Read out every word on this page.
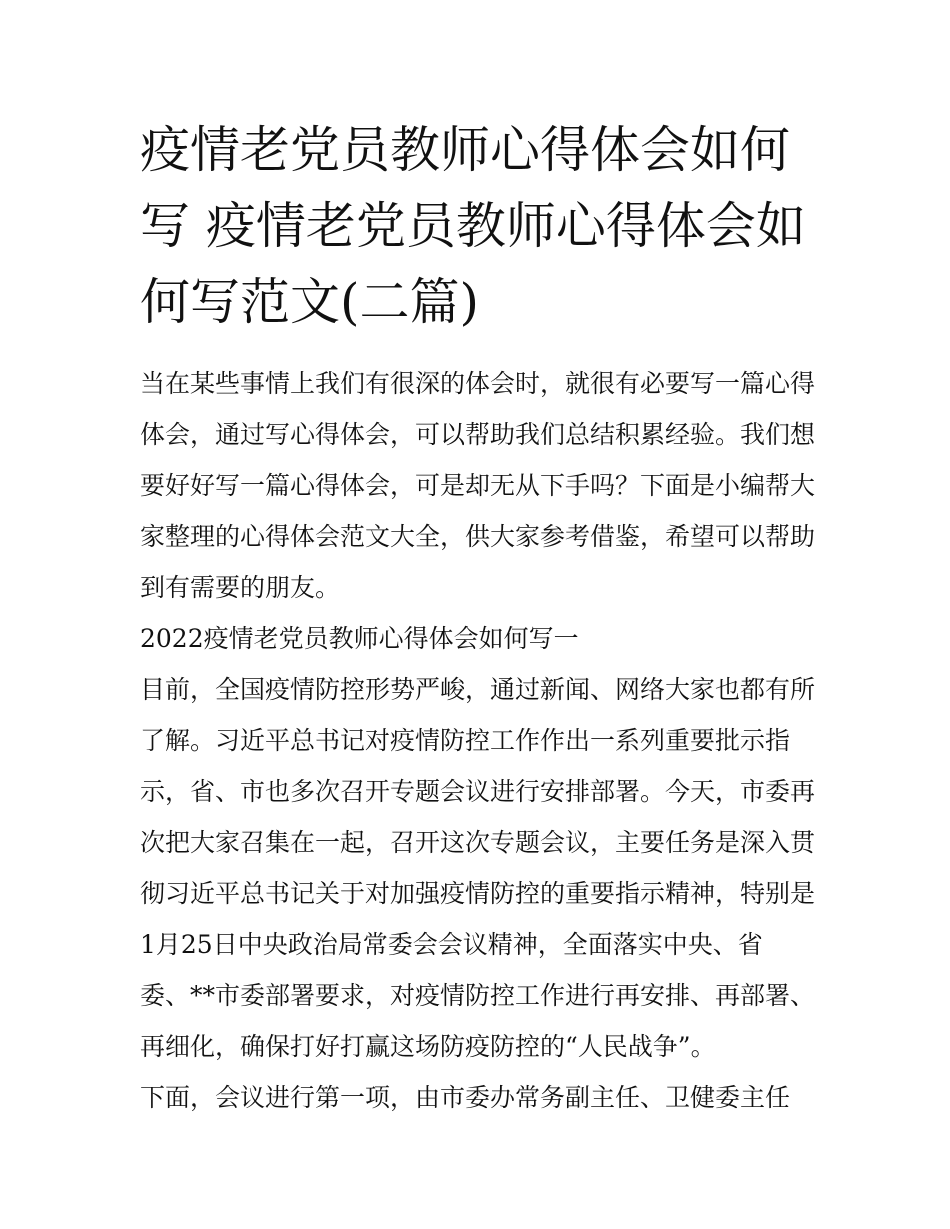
疫情老党员教师心得体会如何
写 疫情老党员教师心得体会如
何写范文(二篇)

当在某些事情上我们有很深的体会时，就很有必要写一篇心得
体会，通过写心得体会，可以帮助我们总结积累经验。我们想
要好好写一篇心得体会，可是却无从下手吗？下面是小编帮大
家整理的心得体会范文大全，供大家参考借鉴，希望可以帮助
到有需要的朋友。

2022疫情老党员教师心得体会如何写一

目前，全国疫情防控形势严峻，通过新闻、网络大家也都有所
了解。习近平总书记对疫情防控工作作出一系列重要批示指
示，省、市也多次召开专题会议进行安排部署。今天，市委再
次把大家召集在一起，召开这次专题会议，主要任务是深入贯
彻习近平总书记关于对加强疫情防控的重要指示精神，特别是
1月25日中央政治局常委会会议精神，全面落实中央、省
委、**市委部署要求，对疫情防控工作进行再安排、再部署、
再细化，确保打好打赢这场防疫防控的“人民战争”。

下面，会议进行第一项，由市委办常务副主任、卫健委主任
